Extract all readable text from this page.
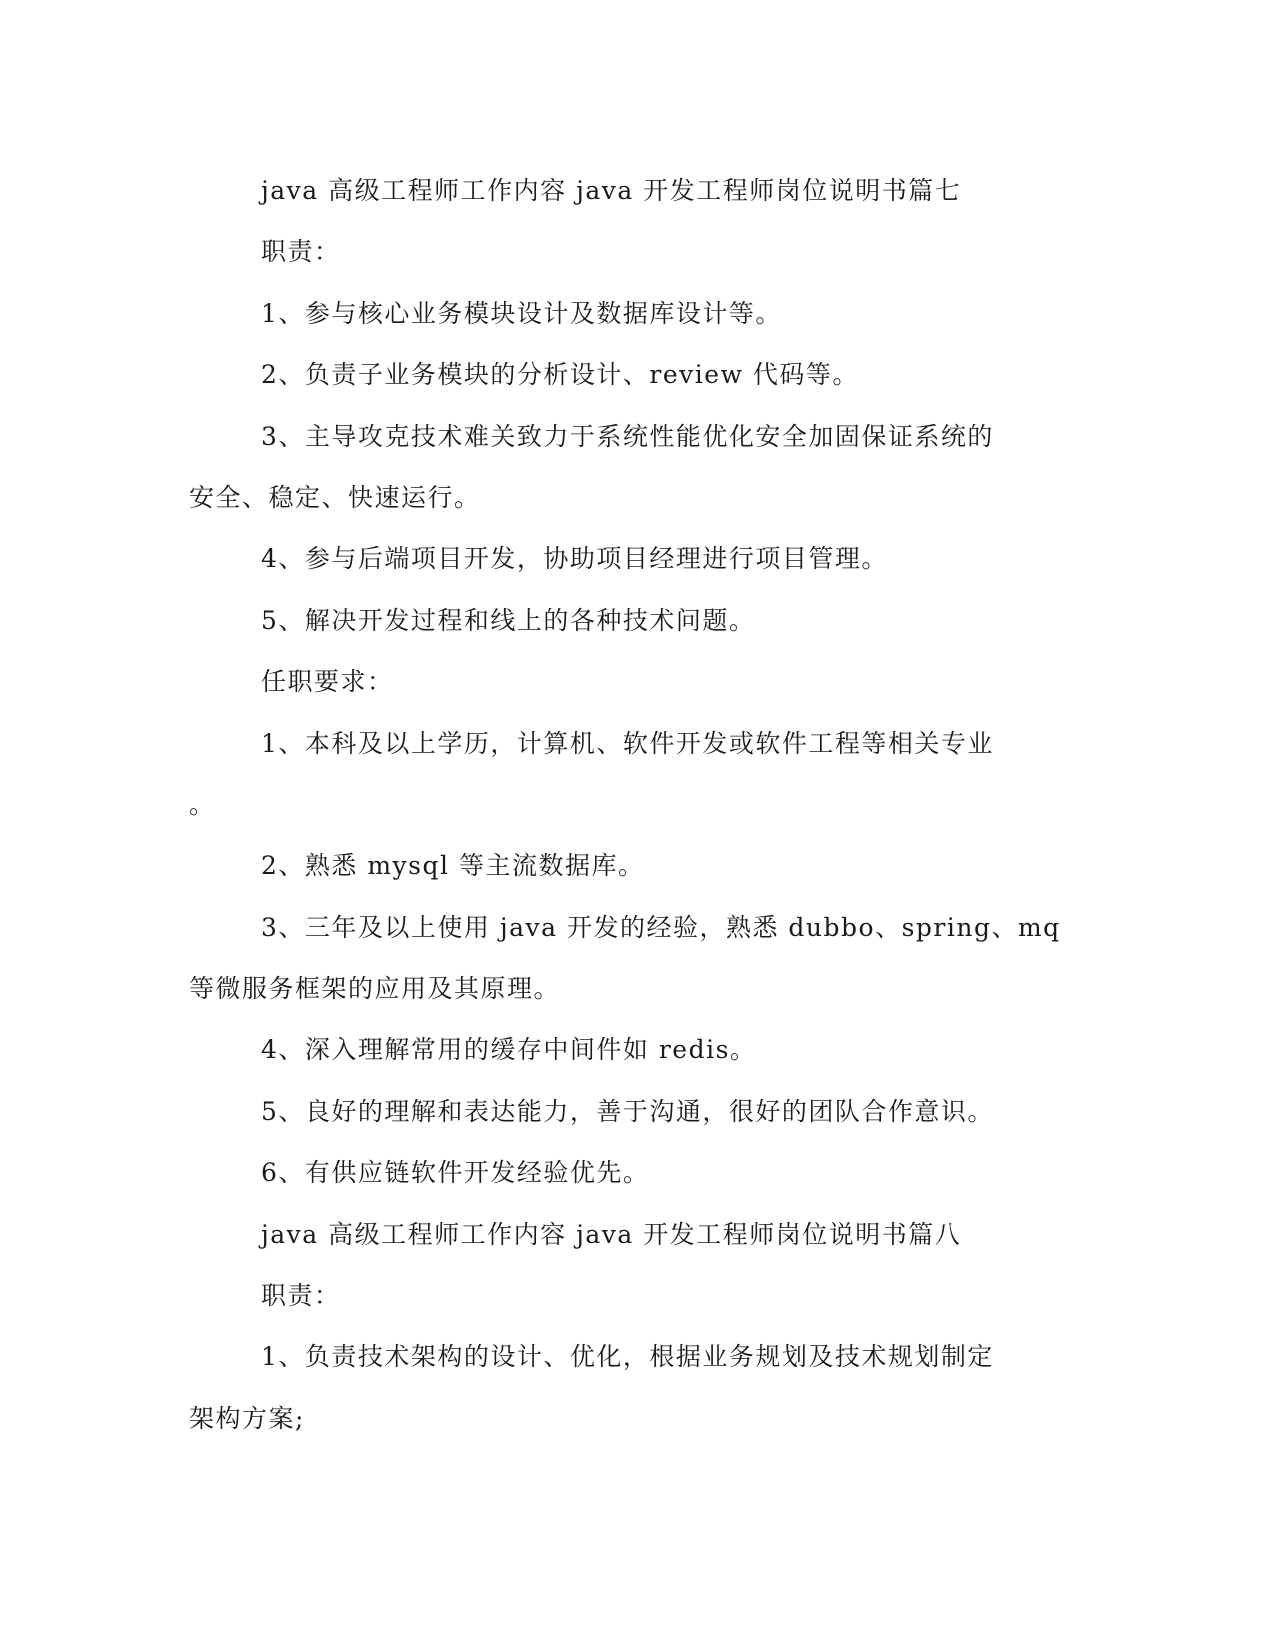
java 高级工程师工作内容 java 开发工程师岗位说明书篇七
职责：
1、参与核心业务模块设计及数据库设计等。
2、负责子业务模块的分析设计、review 代码等。
3、主导攻克技术难关致力于系统性能优化安全加固保证系统的
安全、稳定、快速运行。
4、参与后端项目开发，协助项目经理进行项目管理。
5、解决开发过程和线上的各种技术问题。
任职要求：
1、本科及以上学历，计算机、软件开发或软件工程等相关专业
。
2、熟悉 mysql 等主流数据库。
3、三年及以上使用 java 开发的经验，熟悉 dubbo、spring、mq
等微服务框架的应用及其原理。
4、深入理解常用的缓存中间件如 redis。
5、良好的理解和表达能力，善于沟通，很好的团队合作意识。
6、有供应链软件开发经验优先。
java 高级工程师工作内容 java 开发工程师岗位说明书篇八
职责：
1、负责技术架构的设计、优化，根据业务规划及技术规划制定
架构方案;
